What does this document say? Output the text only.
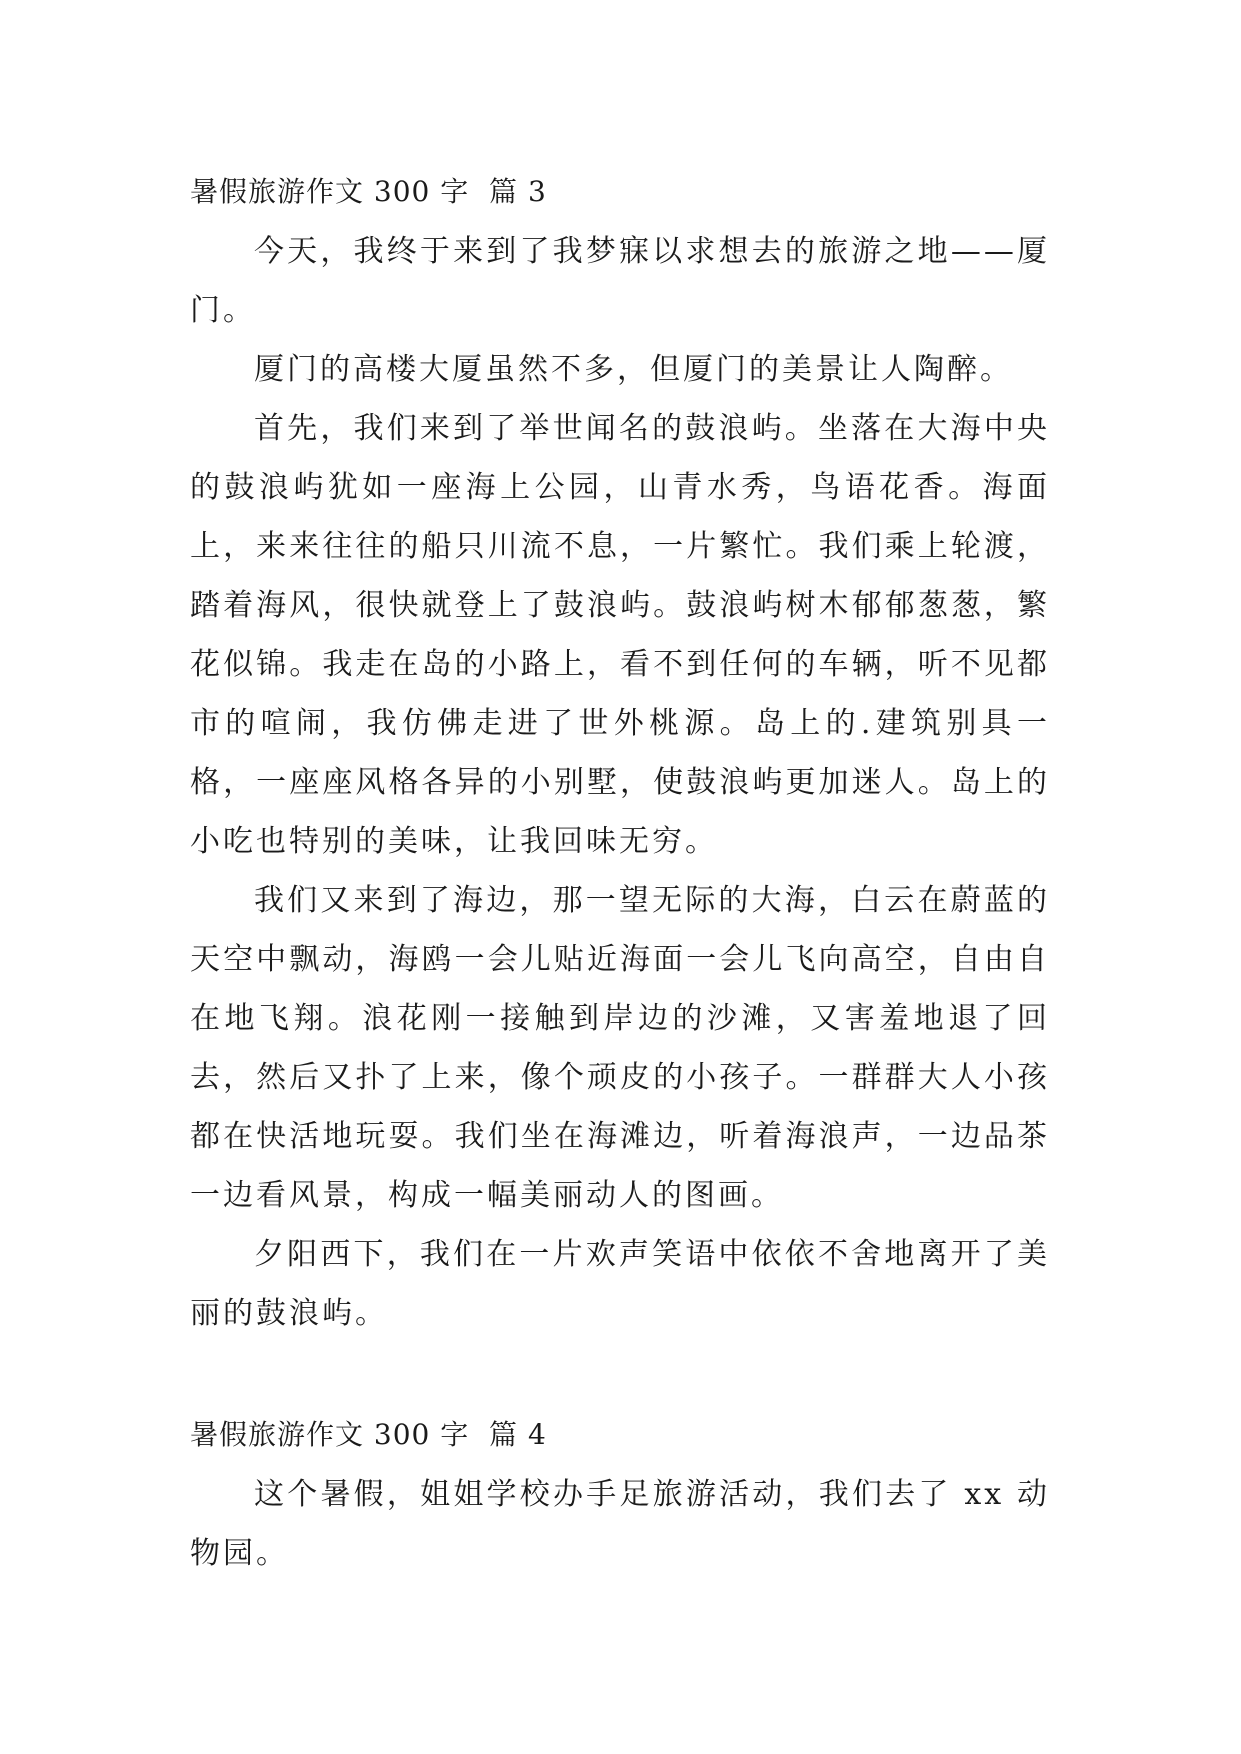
暑假旅游作文 300 字  篇 3

今天，我终于来到了我梦寐以求想去的旅游之地——厦门。

厦门的高楼大厦虽然不多，但厦门的美景让人陶醉。

首先，我们来到了举世闻名的鼓浪屿。坐落在大海中央的鼓浪屿犹如一座海上公园，山青水秀，鸟语花香。海面上，来来往往的船只川流不息，一片繁忙。我们乘上轮渡，踏着海风，很快就登上了鼓浪屿。鼓浪屿树木郁郁葱葱，繁花似锦。我走在岛的小路上，看不到任何的车辆，听不见都市的喧闹，我仿佛走进了世外桃源。岛上的.建筑别具一格，一座座风格各异的小别墅，使鼓浪屿更加迷人。岛上的小吃也特别的美味，让我回味无穷。

我们又来到了海边，那一望无际的大海，白云在蔚蓝的天空中飘动，海鸥一会儿贴近海面一会儿飞向高空，自由自在地飞翔。浪花刚一接触到岸边的沙滩，又害羞地退了回去，然后又扑了上来，像个顽皮的小孩子。一群群大人小孩都在快活地玩耍。我们坐在海滩边，听着海浪声，一边品茶一边看风景，构成一幅美丽动人的图画。

夕阳西下，我们在一片欢声笑语中依依不舍地离开了美丽的鼓浪屿。

暑假旅游作文 300 字  篇 4

这个暑假，姐姐学校办手足旅游活动，我们去了 xx 动物园。
